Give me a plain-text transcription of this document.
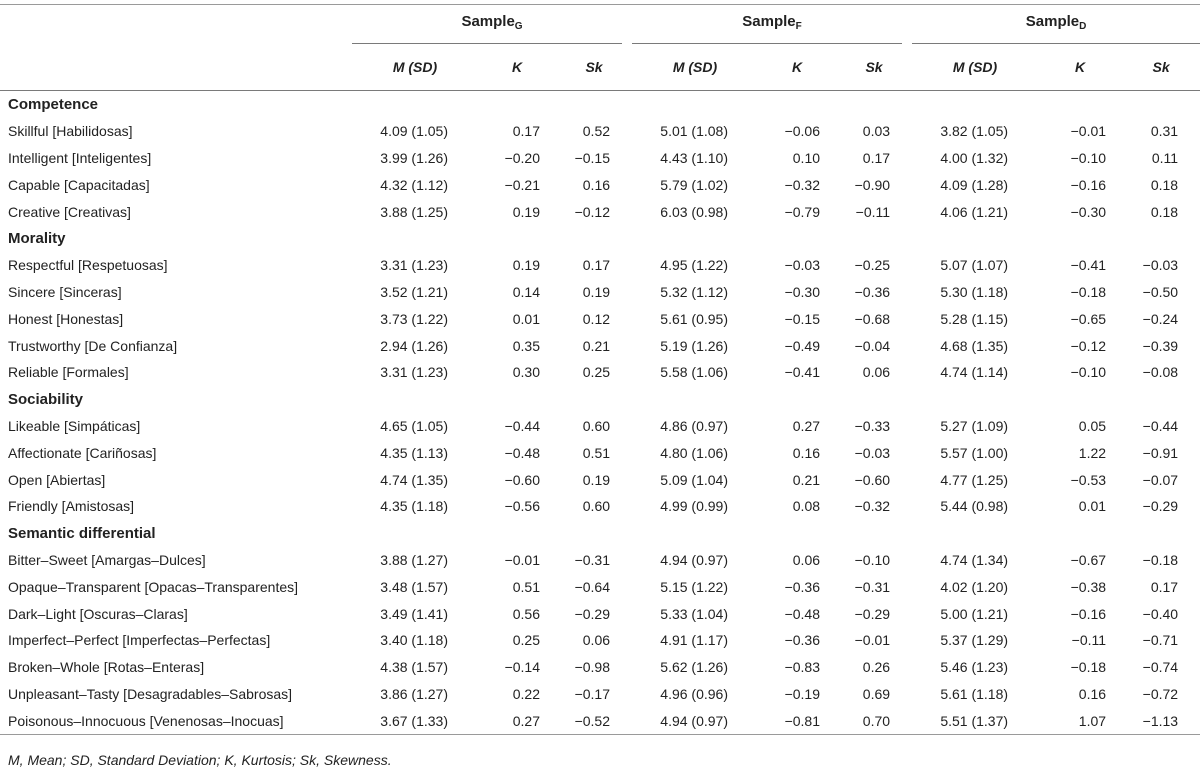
	Sample$_G$			Sample$_F$			Sample$_D$

	M (SD)	K	Sk	M (SD)	K	Sk	M (SD)	K	Sk
Competence									
Skillful [Habilidosas]	4.09 (1.05)	0.17	0.52	5.01 (1.08)	−0.06	0.03	3.82 (1.05)	−0.01	0.31
Intelligent [Inteligentes]	3.99 (1.26)	−0.20	−0.15	4.43 (1.10)	0.10	0.17	4.00 (1.32)	−0.10	0.11
Capable [Capacitadas]	4.32 (1.12)	−0.21	0.16	5.79 (1.02)	−0.32	−0.90	4.09 (1.28)	−0.16	0.18
Creative [Creativas]	3.88 (1.25)	0.19	−0.12	6.03 (0.98)	−0.79	−0.11	4.06 (1.21)	−0.30	0.18
Morality									
Respectful [Respetuosas]	3.31 (1.23)	0.19	0.17	4.95 (1.22)	−0.03	−0.25	5.07 (1.07)	−0.41	−0.03
Sincere [Sinceras]	3.52 (1.21)	0.14	0.19	5.32 (1.12)	−0.30	−0.36	5.30 (1.18)	−0.18	−0.50
Honest [Honestas]	3.73 (1.22)	0.01	0.12	5.61 (0.95)	−0.15	−0.68	5.28 (1.15)	−0.65	−0.24
Trustworthy [De Confianza]	2.94 (1.26)	0.35	0.21	5.19 (1.26)	−0.49	−0.04	4.68 (1.35)	−0.12	−0.39
Reliable [Formales]	3.31 (1.23)	0.30	0.25	5.58 (1.06)	−0.41	0.06	4.74 (1.14)	−0.10	−0.08
Sociability									
Likeable [Simpáticas]	4.65 (1.05)	−0.44	0.60	4.86 (0.97)	0.27	−0.33	5.27 (1.09)	0.05	−0.44
Affectionate [Cariñosas]	4.35 (1.13)	−0.48	0.51	4.80 (1.06)	0.16	−0.03	5.57 (1.00)	1.22	−0.91
Open [Abiertas]	4.74 (1.35)	−0.60	0.19	5.09 (1.04)	0.21	−0.60	4.77 (1.25)	−0.53	−0.07
Friendly [Amistosas]	4.35 (1.18)	−0.56	0.60	4.99 (0.99)	0.08	−0.32	5.44 (0.98)	0.01	−0.29
Semantic differential									
Bitter–Sweet [Amargas–Dulces]	3.88 (1.27)	−0.01	−0.31	4.94 (0.97)	0.06	−0.10	4.74 (1.34)	−0.67	−0.18
Opaque–Transparent [Opacas–Transparentes]	3.48 (1.57)	0.51	−0.64	5.15 (1.22)	−0.36	−0.31	4.02 (1.20)	−0.38	0.17
Dark–Light [Oscuras–Claras]	3.49 (1.41)	0.56	−0.29	5.33 (1.04)	−0.48	−0.29	5.00 (1.21)	−0.16	−0.40
Imperfect–Perfect [Imperfectas–Perfectas]	3.40 (1.18)	0.25	0.06	4.91 (1.17)	−0.36	−0.01	5.37 (1.29)	−0.11	−0.71
Broken–Whole [Rotas–Enteras]	4.38 (1.57)	−0.14	−0.98	5.62 (1.26)	−0.83	0.26	5.46 (1.23)	−0.18	−0.74
Unpleasant–Tasty [Desagradables–Sabrosas]	3.86 (1.27)	0.22	−0.17	4.96 (0.96)	−0.19	0.69	5.61 (1.18)	0.16	−0.72
Poisonous–Innocuous [Venenosas–Inocuas]	3.67 (1.33)	0.27	−0.52	4.94 (0.97)	−0.81	0.70	5.51 (1.37)	1.07	−1.13
M, Mean; SD, Standard Deviation; K, Kurtosis; Sk, Skewness.
